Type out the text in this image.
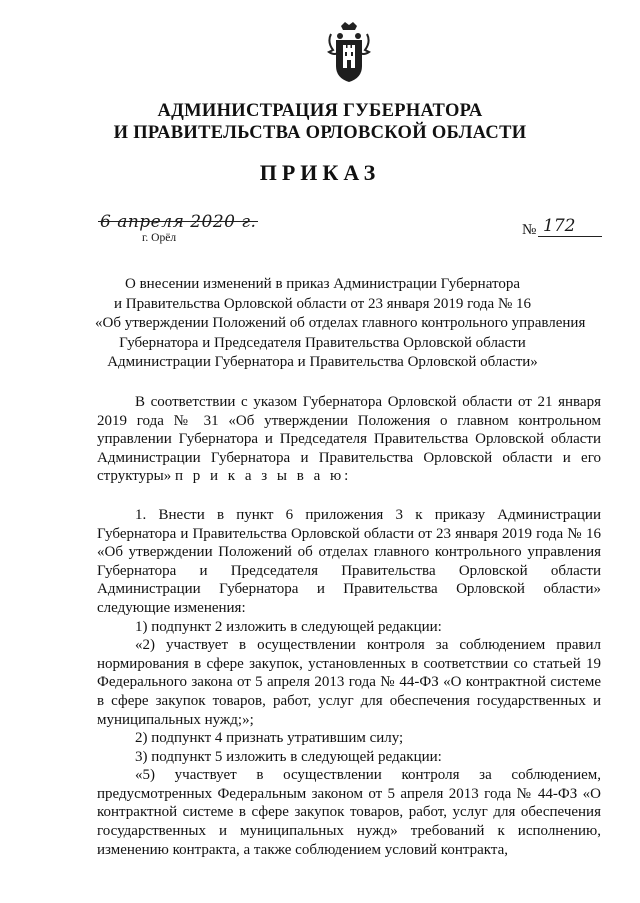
АДМИНИСТРАЦИЯ ГУБЕРНАТОРА
И ПРАВИТЕЛЬСТВА ОРЛОВСКОЙ ОБЛАСТИ
ПРИКАЗ
6 апреля 2020 г.
г. Орёл	№ 172
О внесении изменений в приказ Администрации Губернатора
и Правительства Орловской области от 23 января 2019 года № 16
«Об утверждении Положений об отделах главного контрольного управления
Губернатора и Председателя Правительства Орловской области
Администрации Губернатора и Правительства Орловской области»

В соответствии с указом Губернатора Орловской области от 21 января 2019 года № 31 «Об утверждении Положения о главном контрольном управлении Губернатора и Председателя Правительства Орловской области Администрации Губернатора и Правительства Орловской области и его структуры» п р и к а з ы в а ю:

1. Внести в пункт 6 приложения 3 к приказу Администрации Губернатора и Правительства Орловской области от 23 января 2019 года № 16 «Об утверждении Положений об отделах главного контрольного управления Губернатора и Председателя Правительства Орловской области Администрации Губернатора и Правительства Орловской области» следующие изменения:

1) подпункт 2 изложить в следующей редакции:

«2) участвует в осуществлении контроля за соблюдением правил нормирования в сфере закупок, установленных в соответствии со статьей 19 Федерального закона от 5 апреля 2013 года № 44-ФЗ «О контрактной системе в сфере закупок товаров, работ, услуг для обеспечения государственных и муниципальных нужд;»;

2) подпункт 4 признать утратившим силу;

3) подпункт 5 изложить в следующей редакции:

«5) участвует в осуществлении контроля за соблюдением, предусмотренных Федеральным законом от 5 апреля 2013 года № 44-ФЗ «О контрактной системе в сфере закупок товаров, работ, услуг для обеспечения государственных и муниципальных нужд» требований к исполнению, изменению контракта, а также соблюдением условий контракта,
